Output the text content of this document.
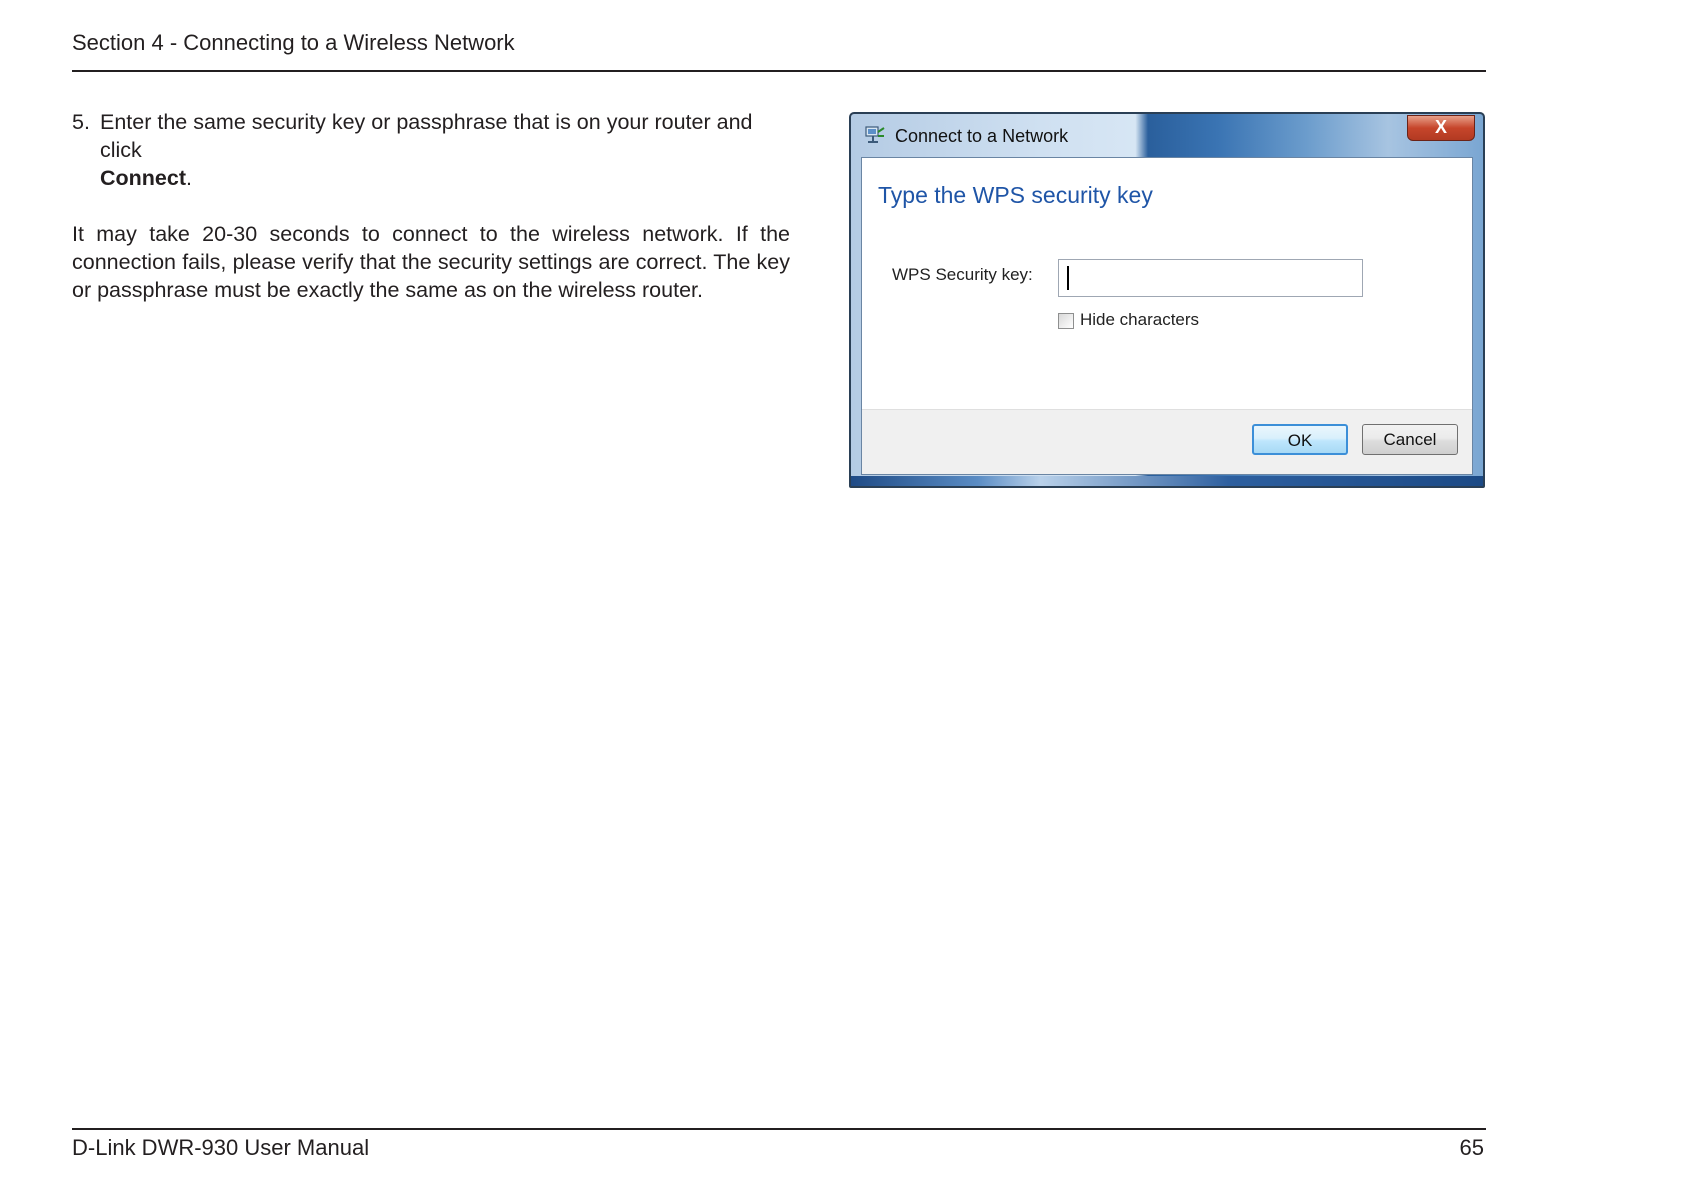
Section 4 - Connecting to a Wireless Network
5. Enter the same security key or passphrase that is on your router and click
Connect.
It may take 20-30 seconds to connect to the wireless network. If the connection fails, please verify that the security settings are correct. The key or passphrase must be exactly the same as on the wireless router.
Connect to a Network	X
Type the WPS security key
WPS Security key:
Hide characters
OK	Cancel
D-Link DWR-930 User Manual	65
